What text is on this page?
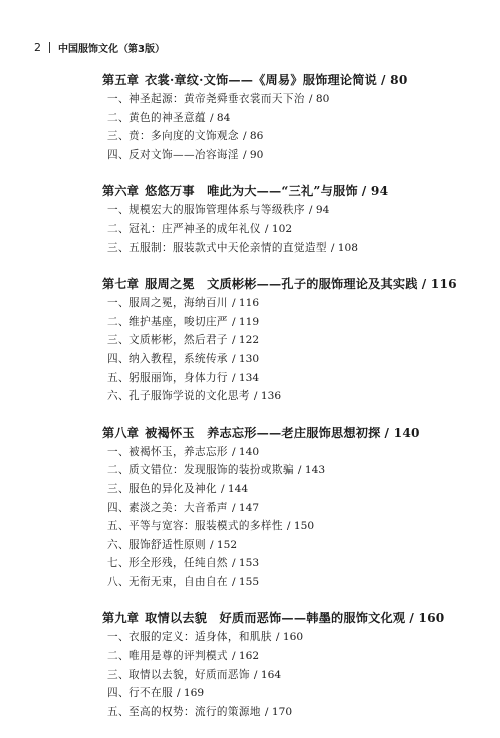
2 中国服饰文化（第3版）
第五章 衣裳·章纹·文饰——《周易》服饰理论简说 / 80
一、神圣起源：黄帝尧舜垂衣裳而天下治 / 80
二、黄色的神圣意蕴 / 84
三、贲：多向度的文饰观念 / 86
四、反对文饰——冶容诲淫 / 90
第六章 悠悠万事　唯此为大——“三礼”与服饰 / 94
一、规模宏大的服饰管理体系与等级秩序 / 94
二、冠礼：庄严神圣的成年礼仪 / 102
三、五服制：服装款式中天伦亲情的直觉造型 / 108
第七章 服周之冕　文质彬彬——孔子的服饰理论及其实践 / 116
一、服周之冕，海纳百川 / 116
二、维护基座，唆切庄严 / 119
三、文质彬彬，然后君子 / 122
四、纳入教程，系统传承 / 130
五、躬服丽饰，身体力行 / 134
六、孔子服饰学说的文化思考 / 136
第八章 被褐怀玉　养志忘形——老庄服饰思想初探 / 140
一、被褐怀玉，养志忘形 / 140
二、质文错位：发现服饰的装扮或欺骗 / 143
三、服色的异化及神化 / 144
四、素淡之美：大音希声 / 147
五、平等与宽容：服装模式的多样性 / 150
六、服饰舒适性原则 / 152
七、形全形残，任纯自然 / 153
八、无衔无束，自由自在 / 155
第九章 取情以去貌　好质而恶饰——韩墨的服饰文化观 / 160
一、衣服的定义：适身体，和肌肤 / 160
二、唯用是尊的评判模式 / 162
三、取情以去貌，好质而恶饰 / 164
四、行不在服 / 169
五、至高的权势：流行的策源地 / 170
